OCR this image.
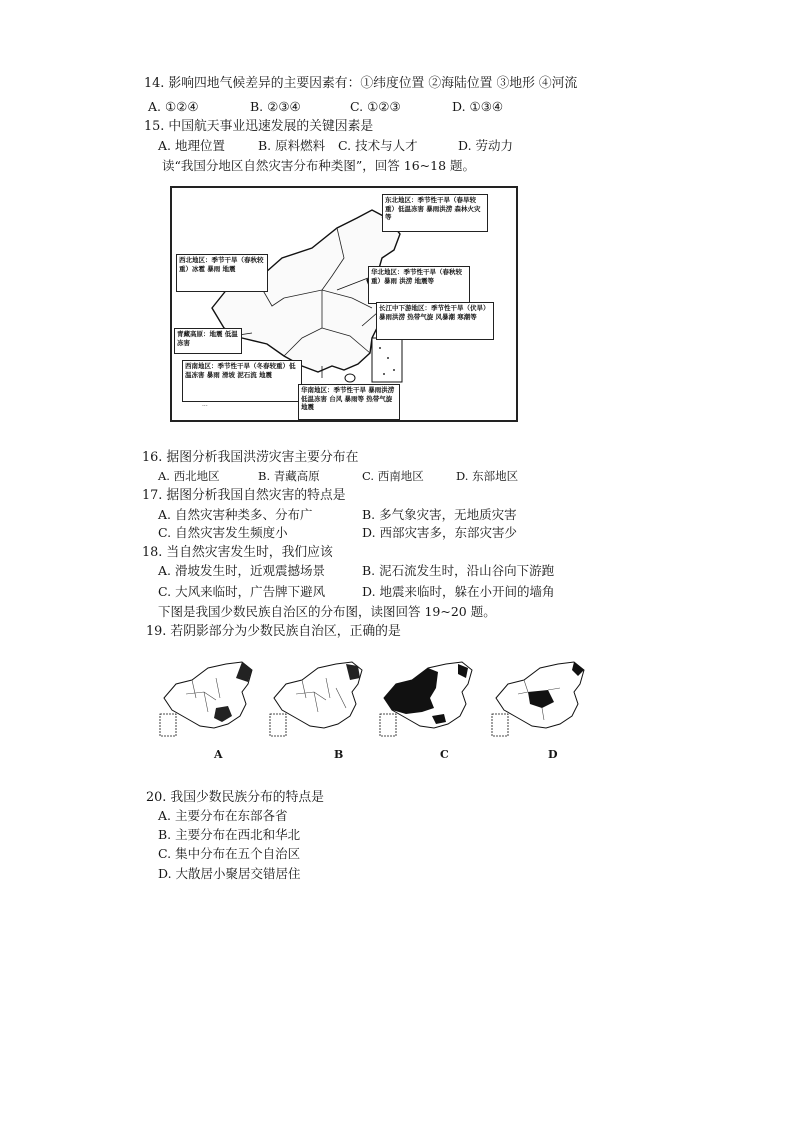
14. 影响四地气候差异的主要因素有：①纬度位置 ②海陆位置 ③地形 ④河流
A. ①②④	B. ②③④	C. ①②③	D. ①③④
15. 中国航天事业迅速发展的关键因素是
A. 地理位置	B. 原料燃料 C. 技术与人才	D. 劳动力
读“我国分地区自然灾害分布种类图”，回答 16~18 题。
···
东北地区：季节性干旱（春旱较重）低温冻害 暴雨洪涝 森林火灾等
西北地区：季节干旱（春秋较重）冰雹 暴雨 地震	华北地区：季节性干旱（春秋较重）暴雨 洪涝 地震等
长江中下游地区：季节性干旱（伏旱）暴雨洪涝 热带气旋 风暴潮 寒潮等
青藏高原：地震 低温冻害
西南地区：季节性干旱（冬春较重）低温冻害 暴雨 滑坡 泥石流 地震
华南地区：季节性干旱 暴雨洪涝 低温冻害 台风 暴雨等 热带气旋 地震
16. 据图分析我国洪涝灾害主要分布在
A. 西北地区	B. 青藏高原	C. 西南地区	D. 东部地区
17. 据图分析我国自然灾害的特点是
A. 自然灾害种类多、分布广	B. 多气象灾害，无地质灾害
C. 自然灾害发生频度小	D. 西部灾害多，东部灾害少
18. 当自然灾害发生时，我们应该
A. 滑坡发生时，近观震撼场景	B. 泥石流发生时，沿山谷向下游跑
C. 大风来临时，广告牌下避风	D. 地震来临时，躲在小开间的墙角
下图是我国少数民族自治区的分布图，读图回答 19~20 题。
19. 若阴影部分为少数民族自治区，正确的是
A	B	C	D
20. 我国少数民族分布的特点是
A. 主要分布在东部各省
B. 主要分布在西北和华北
C. 集中分布在五个自治区
D. 大散居小聚居交错居住
